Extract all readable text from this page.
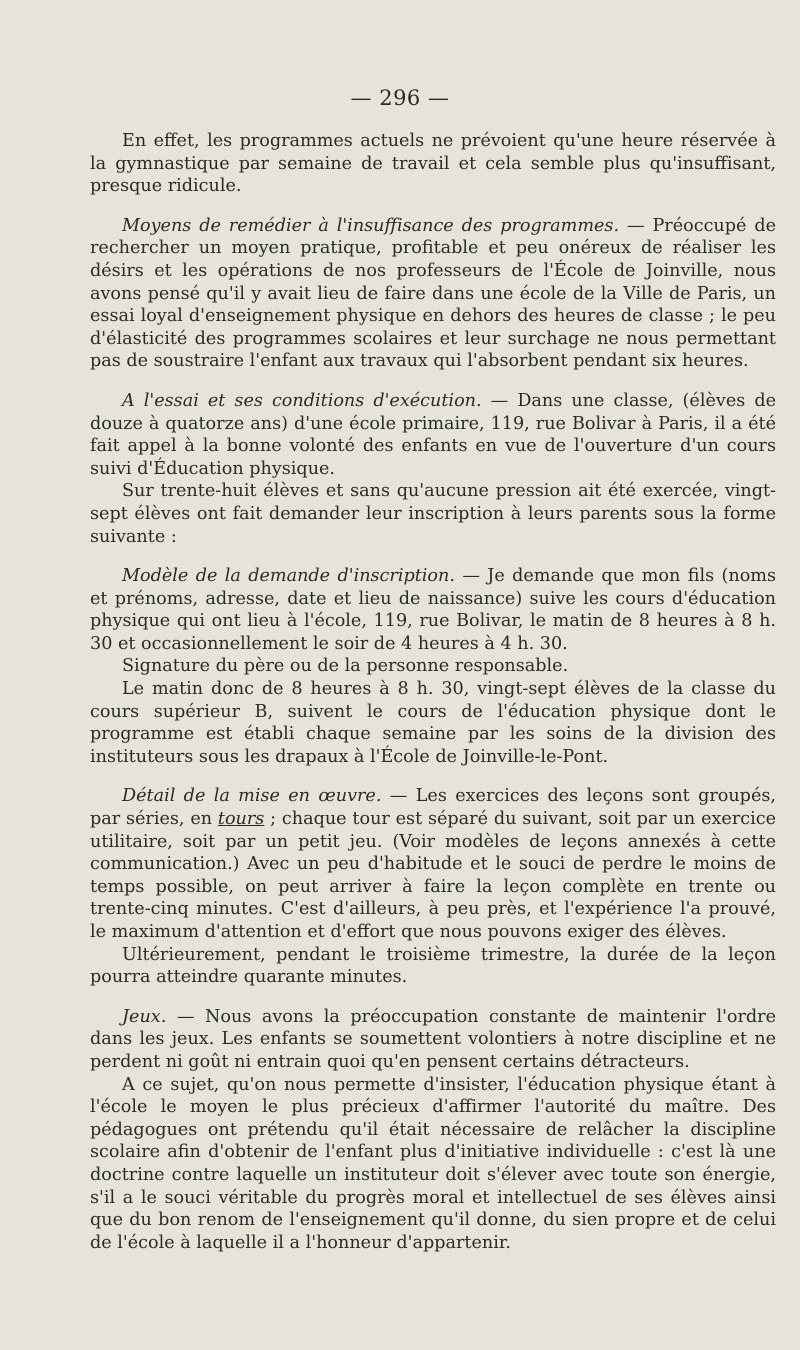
— 296 —

En effet, les programmes actuels ne prévoient qu'une heure réservée à la gymnastique par semaine de travail et cela semble plus qu'insuffisant, presque ridicule.

Moyens de remédier à l'insuffisance des programmes. — Préoccupé de rechercher un moyen pratique, profitable et peu onéreux de réaliser les désirs et les opérations de nos professeurs de l'École de Joinville, nous avons pensé qu'il y avait lieu de faire dans une école de la Ville de Paris, un essai loyal d'enseignement physique en dehors des heures de classe ; le peu d'élasticité des programmes scolaires et leur surchage ne nous permettant pas de soustraire l'enfant aux travaux qui l'absorbent pendant six heures.

A l'essai et ses conditions d'exécution. — Dans une classe, (élèves de douze à quatorze ans) d'une école primaire, 119, rue Bolivar à Paris, il a été fait appel à la bonne volonté des enfants en vue de l'ouverture d'un cours suivi d'Éducation physique.

Sur trente-huit élèves et sans qu'aucune pression ait été exercée, vingt-sept élèves ont fait demander leur inscription à leurs parents sous la forme suivante :

Modèle de la demande d'inscription. — Je demande que mon fils (noms et prénoms, adresse, date et lieu de naissance) suive les cours d'éducation physique qui ont lieu à l'école, 119, rue Bolivar, le matin de 8 heures à 8 h. 30 et occasionnellement le soir de 4 heures à 4 h. 30.

Signature du père ou de la personne responsable.

Le matin donc de 8 heures à 8 h. 30, vingt-sept élèves de la classe du cours supérieur B, suivent le cours de l'éducation physique dont le programme est établi chaque semaine par les soins de la division des instituteurs sous les drapaux à l'École de Joinville-le-Pont.

Détail de la mise en œuvre. — Les exercices des leçons sont groupés, par séries, en tours ; chaque tour est séparé du suivant, soit par un exercice utilitaire, soit par un petit jeu. (Voir modèles de leçons annexés à cette communication.) Avec un peu d'habitude et le souci de perdre le moins de temps possible, on peut arriver à faire la leçon complète en trente ou trente-cinq minutes. C'est d'ailleurs, à peu près, et l'expérience l'a prouvé, le maximum d'attention et d'effort que nous pouvons exiger des élèves.

Ultérieurement, pendant le troisième trimestre, la durée de la leçon pourra atteindre quarante minutes.

Jeux. — Nous avons la préoccupation constante de maintenir l'ordre dans les jeux. Les enfants se soumettent volontiers à notre discipline et ne perdent ni goût ni entrain quoi qu'en pensent certains détracteurs.

A ce sujet, qu'on nous permette d'insister, l'éducation physique étant à l'école le moyen le plus précieux d'affirmer l'autorité du maître. Des pédagogues ont prétendu qu'il était nécessaire de relâcher la discipline scolaire afin d'obtenir de l'enfant plus d'initiative individuelle : c'est là une doctrine contre laquelle un instituteur doit s'élever avec toute son énergie, s'il a le souci véritable du progrès moral et intellectuel de ses élèves ainsi que du bon renom de l'enseignement qu'il donne, du sien propre et de celui de l'école à laquelle il a l'honneur d'appartenir.
